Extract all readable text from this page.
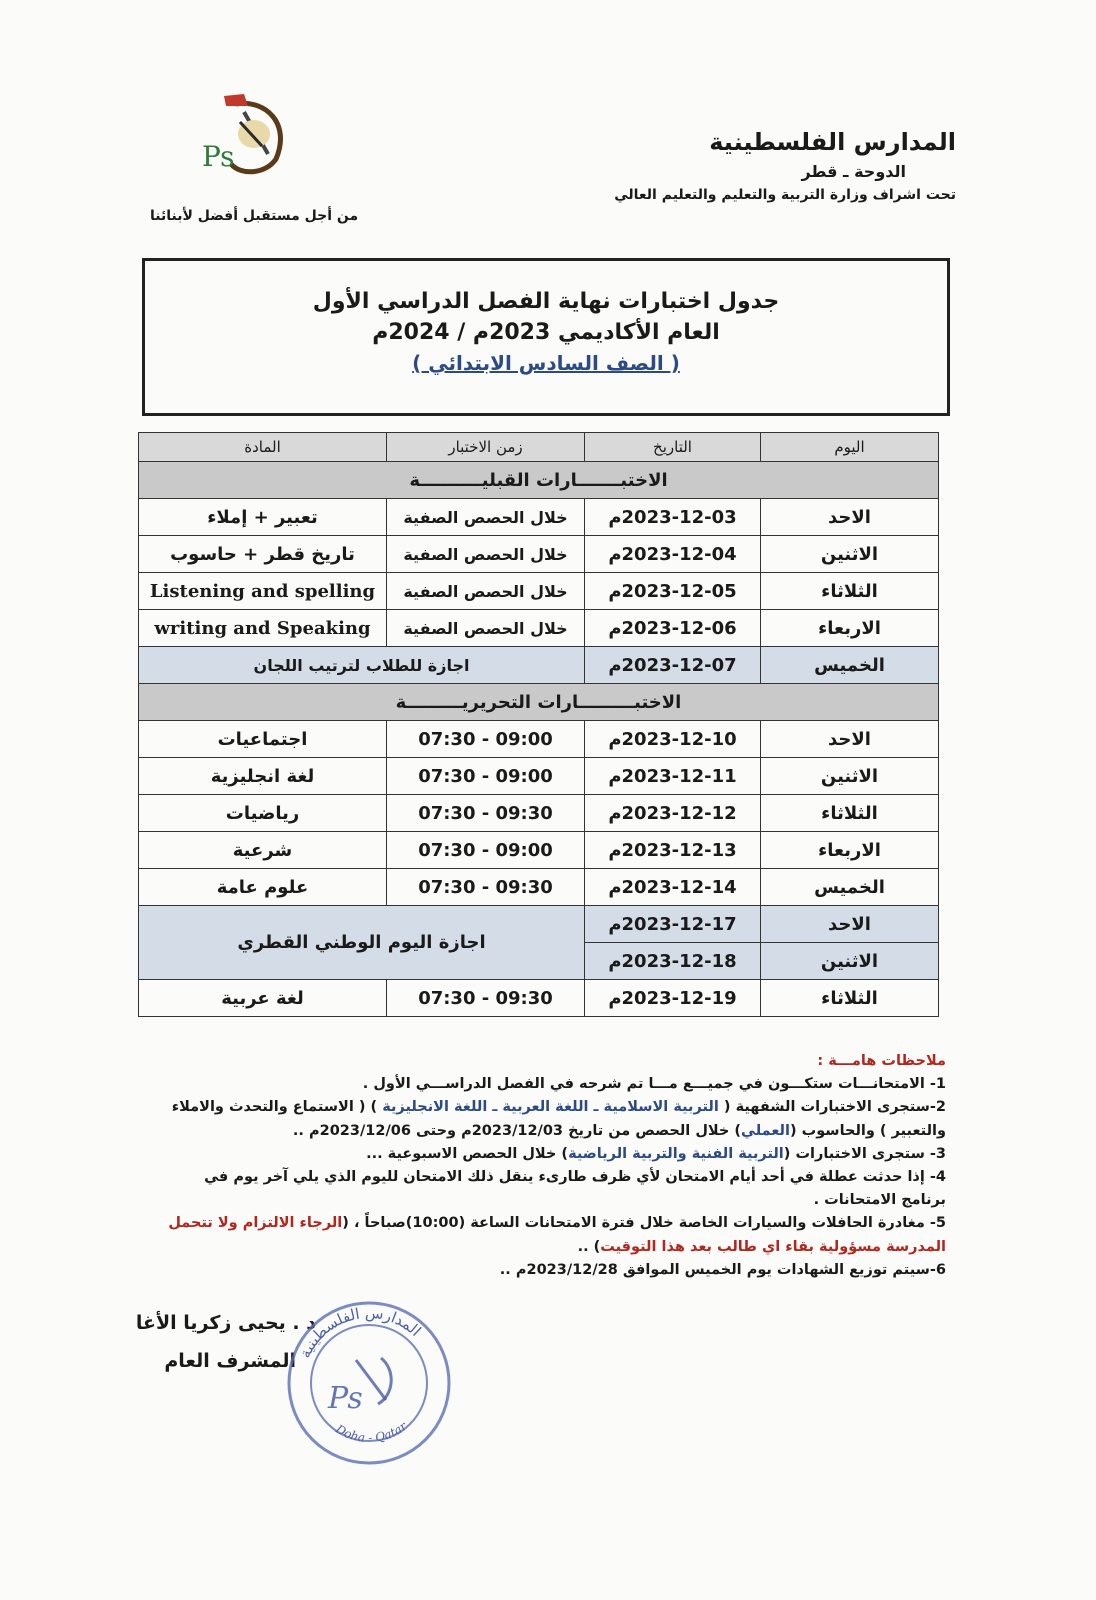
Ps	المدارس الفلسطينية
الدوحة ـ قطر
تحت اشراف وزارة التربية والتعليم والتعليم العالي
من أجل مستقبل أفضل لأبنائنا
جدول اختبارات نهاية الفصل الدراسي الأول
العام الأكاديمي 2023م / 2024م
( الصف السادس الابتدائي )
اليوم	التاريخ	زمن الاختبار	المادة
الاختبـــــــارات القبليــــــــــة			
الاحد	2023-12-03م	خلال الحصص الصفية	تعبير + إملاء
الاثنين	2023-12-04م	خلال الحصص الصفية	تاريخ قطر + حاسوب
الثلاثاء	2023-12-05م	خلال الحصص الصفية	Listening and spelling
الاربعاء	2023-12-06م	خلال الحصص الصفية	writing and Speaking
الخميس	2023-12-07م	اجازة للطلاب لترتيب اللجان	
الاختبـــــــــارات التحريريـــــــــة			
الاحد	2023-12-10م	07:30 - 09:00	اجتماعيات
الاثنين	2023-12-11م	07:30 - 09:00	لغة انجليزية
الثلاثاء	2023-12-12م	07:30 - 09:30	رياضيات
الاربعاء	2023-12-13م	07:30 - 09:00	شرعية
الخميس	2023-12-14م	07:30 - 09:30	علوم عامة
الاحد	2023-12-17م	اجازة اليوم الوطني القطري	
الاثنين	2023-12-18م		
الثلاثاء	2023-12-19م	07:30 - 09:30	لغة عربية
ملاحظات هامـــة :
1- الامتحانـــات ستكـــون في جميـــع مـــا تم شرحه في الفصل الدراســـي الأول .
2-ستجرى الاختبارات الشفهية ( التربية الاسلامية ـ اللغة العربية ـ اللغة الانجليزية ) ( الاستماع والتحدث والاملاء والتعبير ) والحاسوب (العملي) خلال الحصص من تاريخ 2023/12/03م وحتى 2023/12/06م ..
3- ستجرى الاختبارات (التربية الفنية والتربية الرياضية) خلال الحصص الاسبوعية ...
4- إذا حدثت عطلة في أحد أيام الامتحان لأي ظرف طارىء ينقل ذلك الامتحان لليوم الذي يلي آخر يوم في برنامج الامتحانات .
5- مغادرة الحافلات والسيارات الخاصة خلال فترة الامتحانات الساعة (10:00)صباحاً ، (الرجاء الالتزام ولا تتحمل المدرسة مسؤولية بقاء اي طالب بعد هذا التوقيت) ..
6-سيتم توزيع الشهادات يوم الخميس الموافق 2023/12/28م ..
د . يحيى زكريا الأغا
المشرف العام المدارس الفلسطينية
Doha - Qatar
Ps
